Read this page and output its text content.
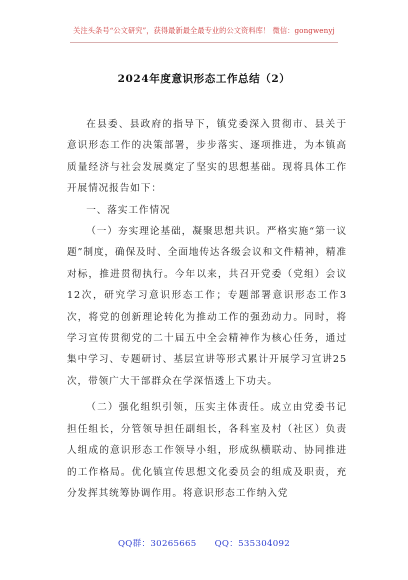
关注头条号“公文研究”，获得最新最全最专业的公文资料库！ 微信：gongwenyj
2024年度意识形态工作总结（2）

在县委、县政府的指导下，镇党委深入贯彻市、县关于意识形态工作的决策部署，步步落实、逐项推进，为本镇高质量经济与社会发展奠定了坚实的思想基础。现将具体工作开展情况报告如下：

一、落实工作情况

（一）夯实理论基础，凝聚思想共识。严格实施“第一议题”制度，确保及时、全面地传达各级会议和文件精神，精准对标，推进贯彻执行。今年以来，共召开党委（党组）会议12次，研究学习意识形态工作；专题部署意识形态工作3次，将党的创新理论转化为推动工作的强劲动力。同时，将学习宣传贯彻党的二十届五中全会精神作为核心任务，通过集中学习、专题研讨、基层宣讲等形式累计开展学习宣讲25次，带领广大干部群众在学深悟透上下功夫。

（二）强化组织引领，压实主体责任。成立由党委书记担任组长，分管领导担任副组长，各科室及村（社区）负责人组成的意识形态工作领导小组，形成纵横联动、协同推进的工作格局。优化镇宣传思想文化委员会的组成及职责，充分发挥其统筹协调作用。将意识形态工作纳入党

QQ群：30265665 QQ：535304092
